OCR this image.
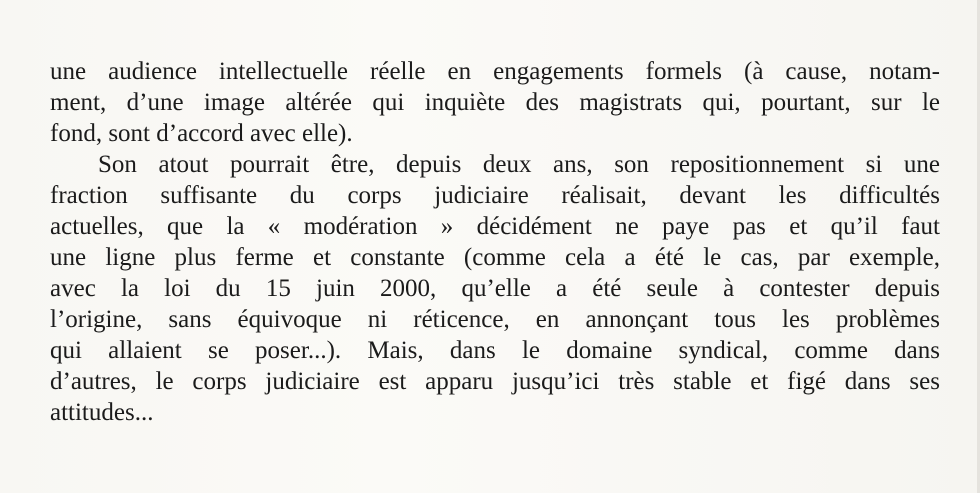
une audience intellectuelle réelle en engagements formels (à cause, notam-
ment, d’une image altérée qui inquiète des magistrats qui, pourtant, sur le
fond, sont d’accord avec elle).
Son atout pourrait être, depuis deux ans, son repositionnement si une
fraction suffisante du corps judiciaire réalisait, devant les difficultés
actuelles, que la « modération » décidément ne paye pas et qu’il faut
une ligne plus ferme et constante (comme cela a été le cas, par exemple,
avec la loi du 15 juin 2000, qu’elle a été seule à contester depuis
l’origine, sans équivoque ni réticence, en annonçant tous les problèmes
qui allaient se poser...). Mais, dans le domaine syndical, comme dans
d’autres, le corps judiciaire est apparu jusqu’ici très stable et figé dans ses
attitudes...
